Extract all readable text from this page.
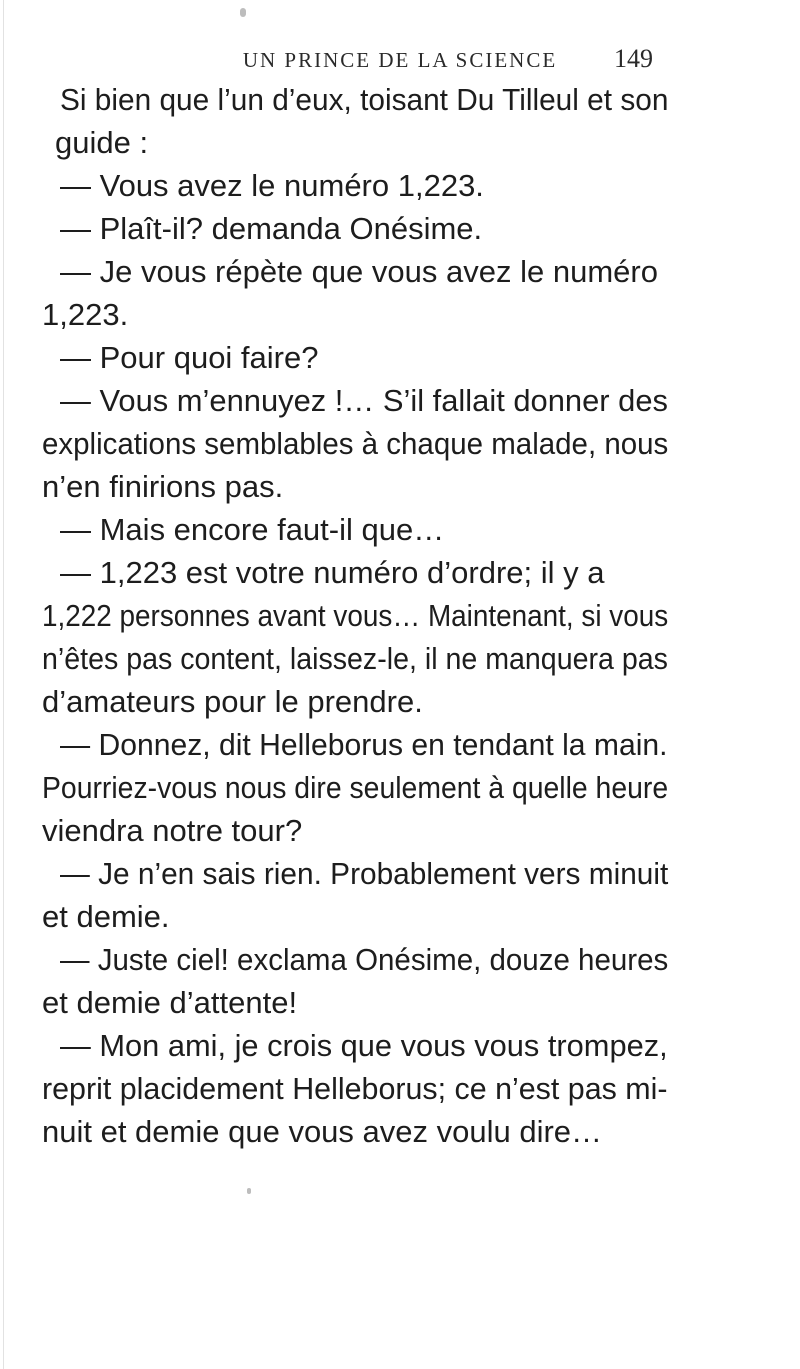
UN PRINCE DE LA SCIENCE	149
Si bien que l’un d’eux, toisant Du Tilleul et son
guide :
— Vous avez le numéro 1,223.
— Plaît-il? demanda Onésime.
— Je vous répète que vous avez le numéro
1,223.
— Pour quoi faire?
— Vous m’ennuyez !… S’il fallait donner des
explications semblables à chaque malade, nous
n’en finirions pas.
— Mais encore faut-il que…
— 1,223 est votre numéro d’ordre; il y a
1,222 personnes avant vous… Maintenant, si vous
n’êtes pas content, laissez-le, il ne manquera pas
d’amateurs pour le prendre.
— Donnez, dit Helleborus en tendant la main.
Pourriez-vous nous dire seulement à quelle heure
viendra notre tour?
— Je n’en sais rien. Probablement vers minuit
et demie.
— Juste ciel! exclama Onésime, douze heures
et demie d’attente!
— Mon ami, je crois que vous vous trompez,
reprit placidement Helleborus; ce n’est pas mi-
nuit et demie que vous avez voulu dire…
